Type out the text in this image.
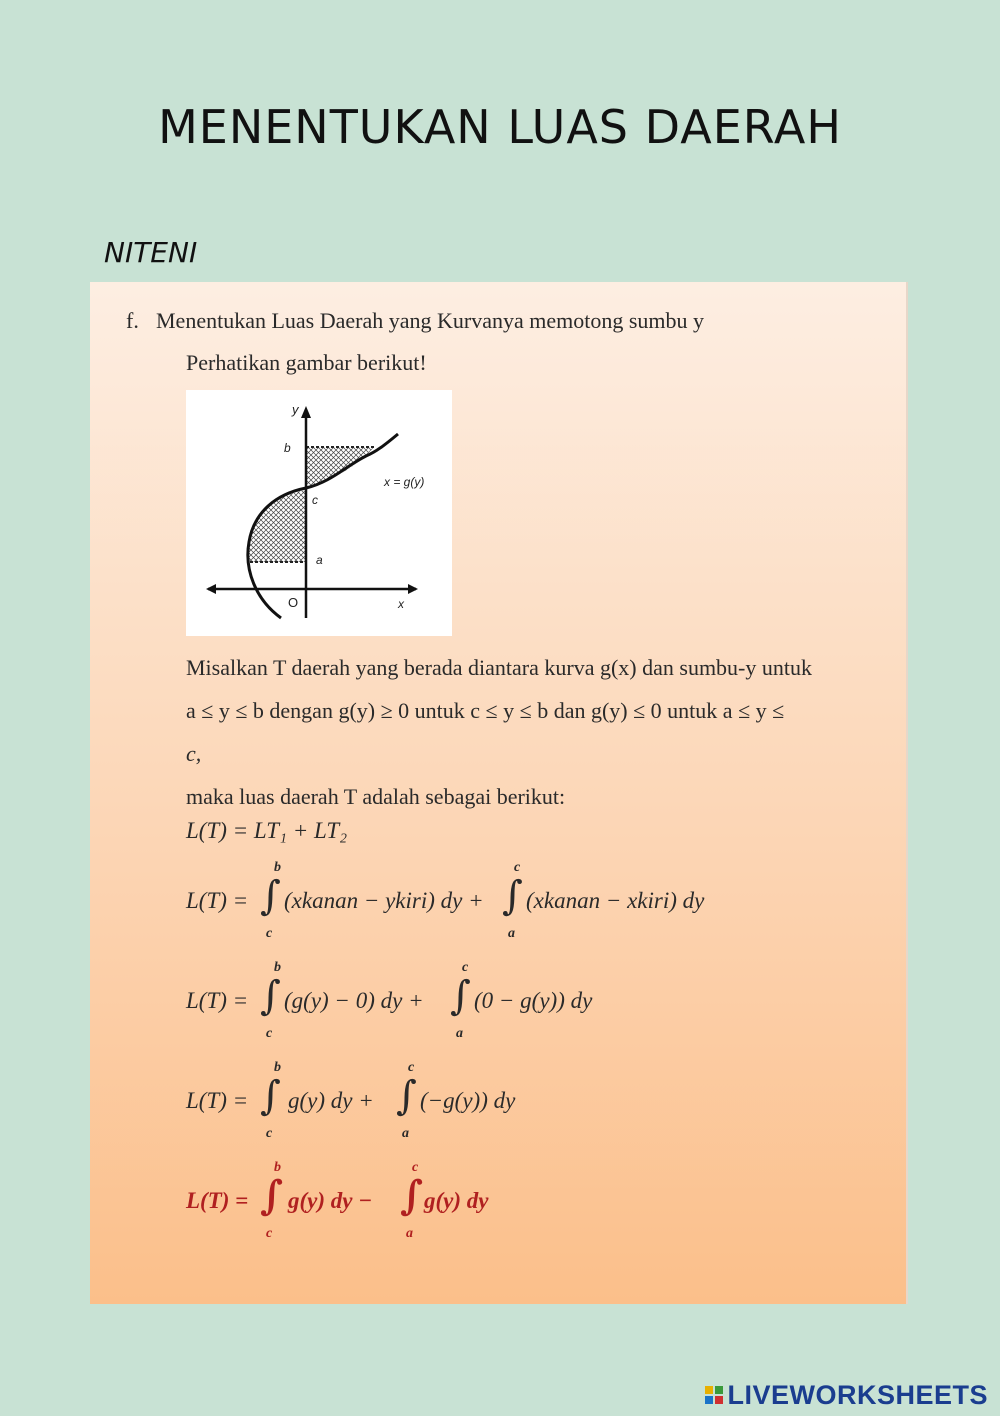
MENENTUKAN LUAS DAERAH
NITENI
f. Menentukan Luas Daerah yang Kurvanya memotong sumbu y
Perhatikan gambar berikut!
y
b
c
a
x = g(y)
O	x
Misalkan T daerah yang berada diantara kurva g(x) dan sumbu-y untuk
a ≤ y ≤ b dengan g(y) ≥ 0 untuk c ≤ y ≤ b dan g(y) ≤ 0 untuk a ≤ y ≤
c,
maka luas daerah T adalah sebagai berikut:
L(T) = LT₁ + LT₂
L(T) =
b
∫
c
(xkanan − ykiri) dy +
c
∫
a
(xkanan − xkiri) dy
L(T) =
b
∫
c
(g(y) − 0) dy +
c
∫
a
(0 − g(y)) dy
L(T) =
b
∫
c
g(y) dy +
c
∫
a
(−g(y)) dy
L(T) =
b
∫
c
g(y) dy −
c
∫
a
g(y) dy
LIVEWORKSHEETS
